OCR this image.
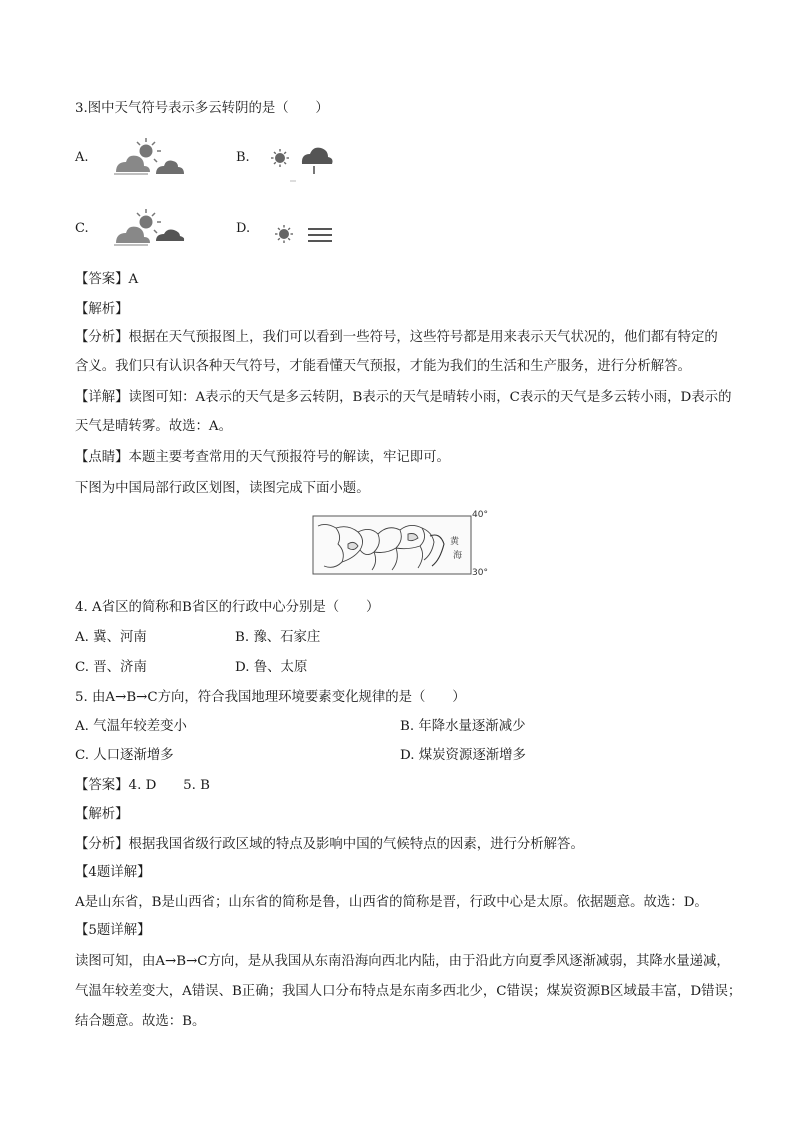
3.图中天气符号表示多云转阴的是（　　）
A.	B.
C.	D.
【答案】A
【解析】
【分析】根据在天气预报图上，我们可以看到一些符号，这些符号都是用来表示天气状况的，他们都有特定的
含义。我们只有认识各种天气符号，才能看懂天气预报，才能为我们的生活和生产服务，进行分析解答。
【详解】读图可知：A表示的天气是多云转阴，B表示的天气是晴转小雨，C表示的天气是多云转小雨，D表示的
天气是晴转雾。故选：A。
【点睛】本题主要考查常用的天气预报符号的解读，牢记即可。
下图为中国局部行政区划图，读图完成下面小题。
黄
海
40°
30°
4. A省区的简称和B省区的行政中心分别是（　　）
A. 冀、河南	B. 豫、石家庄
C. 晋、济南	D. 鲁、太原
5. 由A→B→C方向，符合我国地理环境要素变化规律的是（　　）
A. 气温年较差变小	B. 年降水量逐渐减少
C. 人口逐渐增多	D. 煤炭资源逐渐增多
【答案】4. D　　5. B
【解析】
【分析】根据我国省级行政区域的特点及影响中国的气候特点的因素，进行分析解答。
【4题详解】
A是山东省，B是山西省；山东省的简称是鲁，山西省的简称是晋，行政中心是太原。依据题意。故选：D。
【5题详解】
读图可知，由A→B→C方向，是从我国从东南沿海向西北内陆，由于沿此方向夏季风逐渐减弱，其降水量递减，
气温年较差变大，A错误、B正确；我国人口分布特点是东南多西北少，C错误；煤炭资源B区域最丰富，D错误；
结合题意。故选：B。
